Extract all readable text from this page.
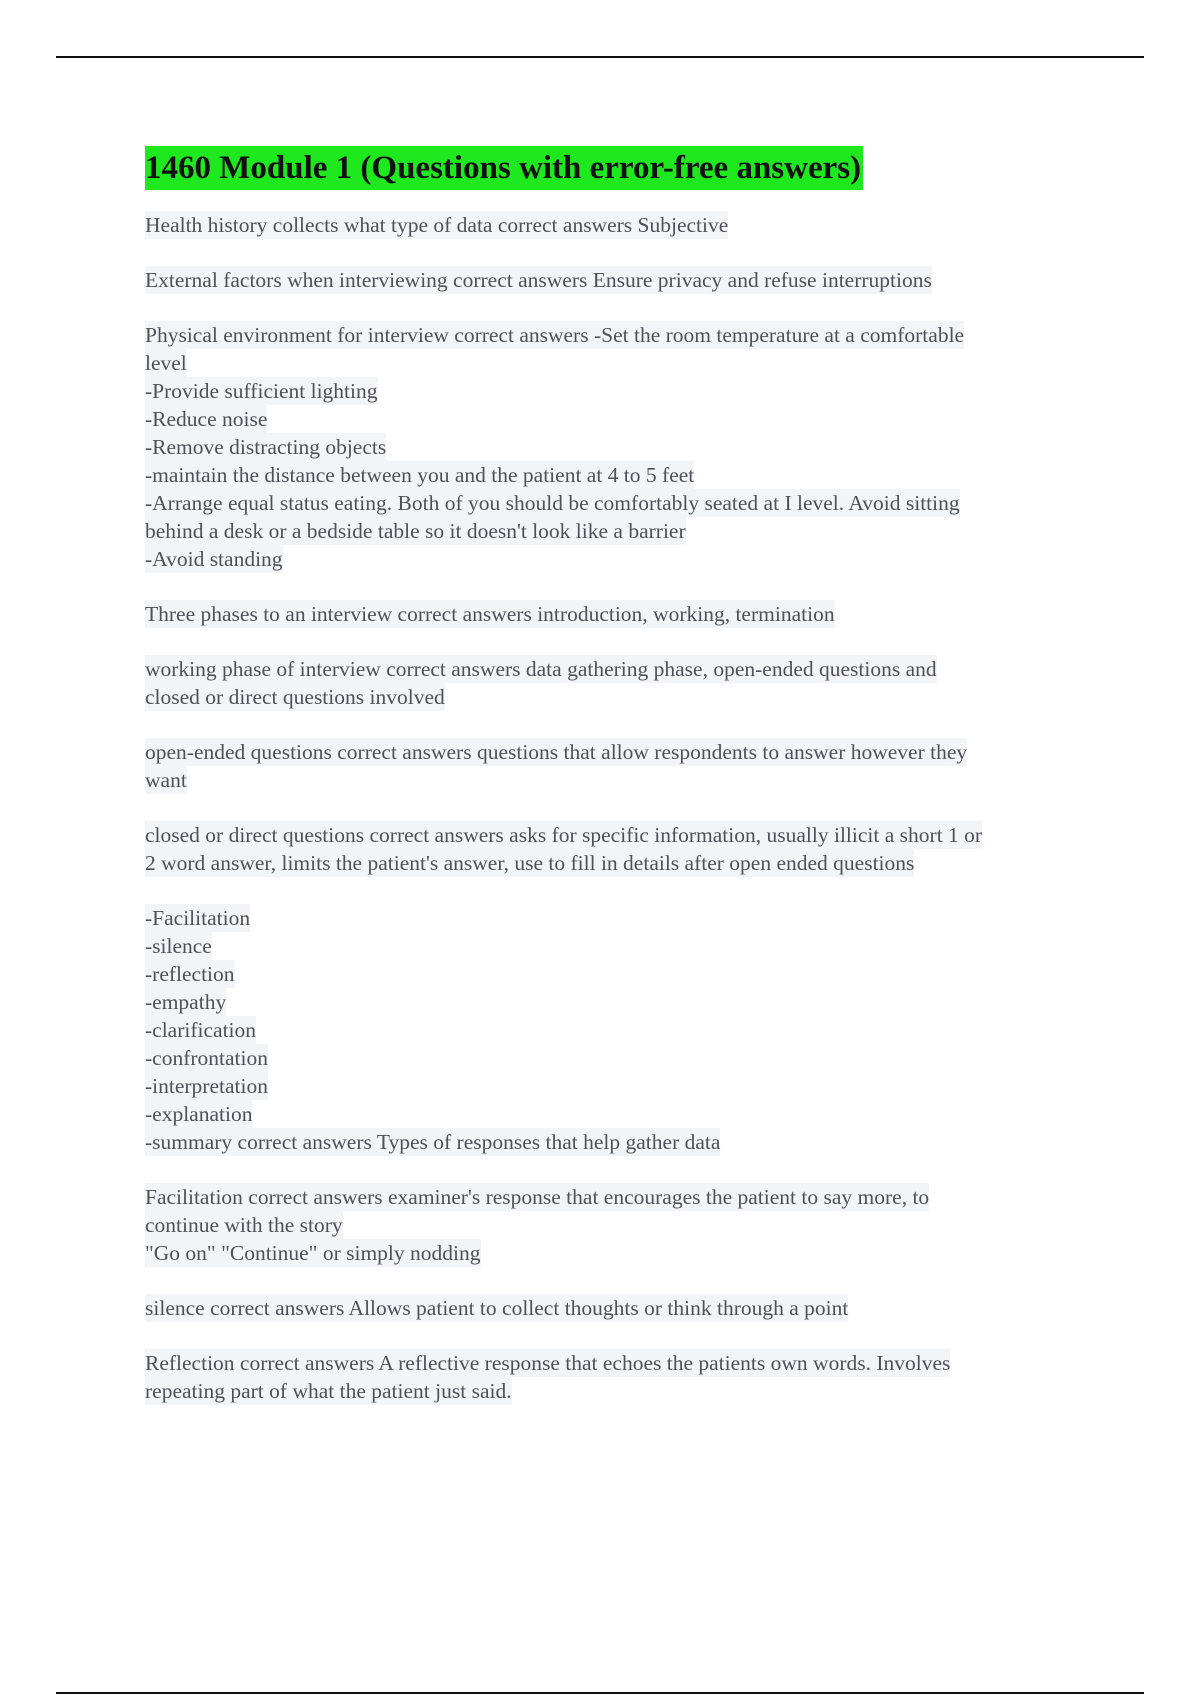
1460 Module 1 (Questions with error-free answers)
Health history collects what type of data correct answers Subjective
External factors when interviewing correct answers Ensure privacy and refuse interruptions
Physical environment for interview correct answers -Set the room temperature at a comfortable
level
-Provide sufficient lighting
-Reduce noise
-Remove distracting objects
-maintain the distance between you and the patient at 4 to 5 feet
-Arrange equal status eating. Both of you should be comfortably seated at I level. Avoid sitting
behind a desk or a bedside table so it doesn't look like a barrier
-Avoid standing
Three phases to an interview correct answers introduction, working, termination
working phase of interview correct answers data gathering phase, open-ended questions and
closed or direct questions involved
open-ended questions correct answers questions that allow respondents to answer however they
want
closed or direct questions correct answers asks for specific information, usually illicit a short 1 or
2 word answer, limits the patient's answer, use to fill in details after open ended questions
-Facilitation
-silence
-reflection
-empathy
-clarification
-confrontation
-interpretation
-explanation
-summary correct answers Types of responses that help gather data
Facilitation correct answers examiner's response that encourages the patient to say more, to
continue with the story
"Go on" "Continue" or simply nodding
silence correct answers Allows patient to collect thoughts or think through a point
Reflection correct answers A reflective response that echoes the patients own words. Involves
repeating part of what the patient just said.
